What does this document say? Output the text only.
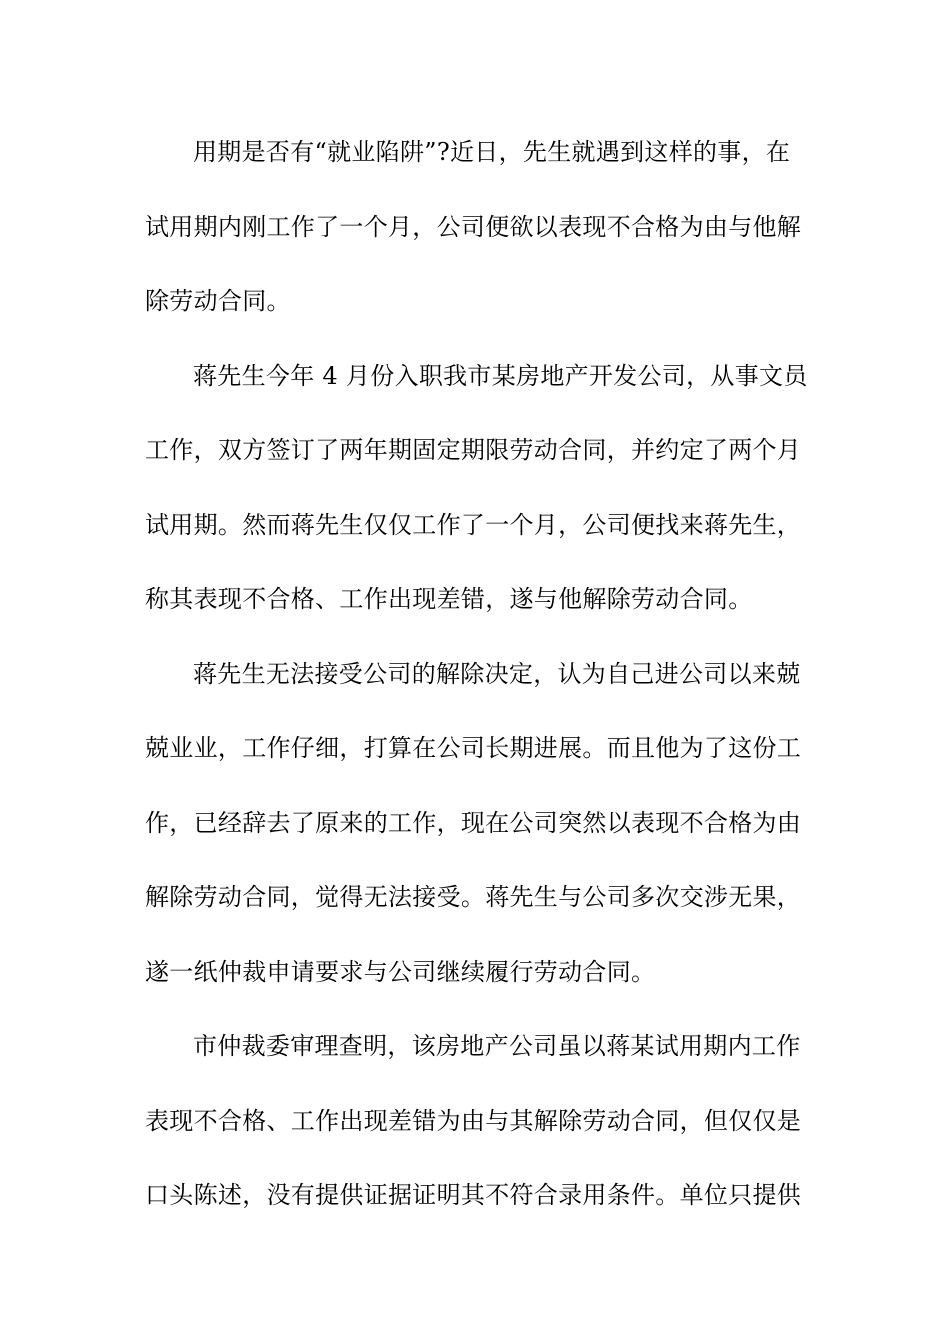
用期是否有“就业陷阱”?近日，先生就遇到这样的事，在
试用期内刚工作了一个月，公司便欲以表现不合格为由与他解
除劳动合同。
蒋先生今年 4 月份入职我市某房地产开发公司，从事文员
工作，双方签订了两年期固定期限劳动合同，并约定了两个月
试用期。然而蒋先生仅仅工作了一个月，公司便找来蒋先生，
称其表现不合格、工作出现差错，遂与他解除劳动合同。
蒋先生无法接受公司的解除决定，认为自己进公司以来兢
兢业业，工作仔细，打算在公司长期进展。而且他为了这份工
作，已经辞去了原来的工作，现在公司突然以表现不合格为由
解除劳动合同，觉得无法接受。蒋先生与公司多次交涉无果，
遂一纸仲裁申请要求与公司继续履行劳动合同。
市仲裁委审理查明，该房地产公司虽以蒋某试用期内工作
表现不合格、工作出现差错为由与其解除劳动合同，但仅仅是
口头陈述，没有提供证据证明其不符合录用条件。单位只提供
